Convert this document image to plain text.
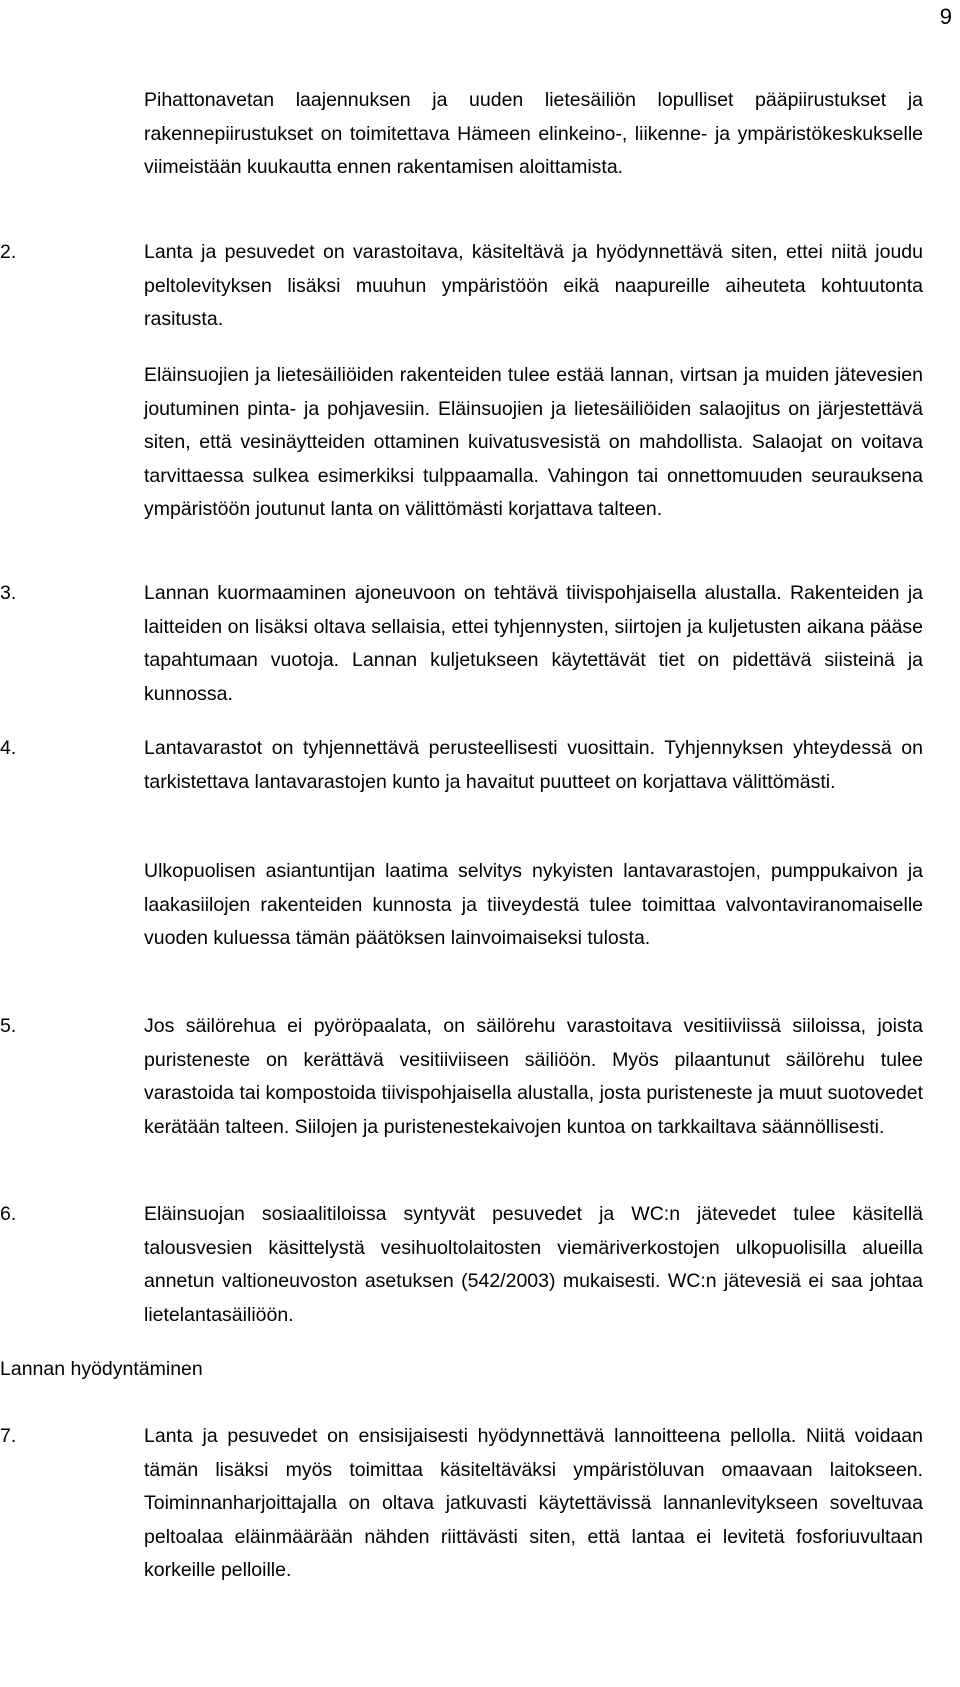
9

Pihattonavetan laajennuksen ja uuden lietesäiliön lopulliset pääpiirustukset ja rakennepiirustukset on toimitettava Hämeen elinkeino-, liikenne- ja ympäristökeskukselle viimeistään kuukautta ennen rakentamisen aloittamista.

2.	Lanta ja pesuvedet on varastoitava, käsiteltävä ja hyödynnettävä siten, ettei niitä joudu peltolevityksen lisäksi muuhun ympäristöön eikä naapureille aiheuteta kohtuutonta rasitusta.
Eläinsuojien ja lietesäiliöiden rakenteiden tulee estää lannan, virtsan ja muiden jätevesien joutuminen pinta- ja pohjavesiin. Eläinsuojien ja lietesäiliöiden salaojitus on järjestettävä siten, että vesinäytteiden ottaminen kuivatusvesistä on mahdollista. Salaojat on voitava tarvittaessa sulkea esimerkiksi tulppaamalla. Vahingon tai onnettomuuden seurauksena ympäristöön joutunut lanta on välittömästi korjattava talteen.
3.	Lannan kuormaaminen ajoneuvoon on tehtävä tiivispohjaisella alustalla. Rakenteiden ja laitteiden on lisäksi oltava sellaisia, ettei tyhjennysten, siirtojen ja kuljetusten aikana pääse tapahtumaan vuotoja. Lannan kuljetukseen käytettävät tiet on pidettävä siisteinä ja kunnossa.
4.	Lantavarastot on tyhjennettävä perusteellisesti vuosittain. Tyhjennyksen yhteydessä on tarkistettava lantavarastojen kunto ja havaitut puutteet on korjattava välittömästi.
Ulkopuolisen asiantuntijan laatima selvitys nykyisten lantavarastojen, pumppukaivon ja laakasiilojen rakenteiden kunnosta ja tiiveydestä tulee toimittaa valvontaviranomaiselle vuoden kuluessa tämän päätöksen lainvoimaiseksi tulosta.
5.	Jos säilörehua ei pyöröpaalata, on säilörehu varastoitava vesitiiviissä siiloissa, joista puristeneste on kerättävä vesitiiviiseen säiliöön. Myös pilaantunut säilörehu tulee varastoida tai kompostoida tiivispohjaisella alustalla, josta puristeneste ja muut suotovedet kerätään talteen. Siilojen ja puristenestekaivojen kuntoa on tarkkailtava säännöllisesti.
6.	Eläinsuojan sosiaalitiloissa syntyvät pesuvedet ja WC:n jätevedet tulee käsitellä talousvesien käsittelystä vesihuoltolaitosten viemäriverkostojen ulkopuolisilla alueilla annetun valtioneuvoston asetuksen (542/2003) mukaisesti. WC:n jätevesiä ei saa johtaa lietelantasäiliöön.
Lannan hyödyntäminen
7.	Lanta ja pesuvedet on ensisijaisesti hyödynnettävä lannoitteena pellolla. Niitä voidaan tämän lisäksi myös toimittaa käsiteltäväksi ympäristöluvan omaavaan laitokseen. Toiminnanharjoittajalla on oltava jatkuvasti käytettävissä lannanlevitykseen soveltuvaa peltoalaa eläinmäärään nähden riittävästi siten, että lantaa ei levitetä fosforiuvultaan korkeille pelloille.
